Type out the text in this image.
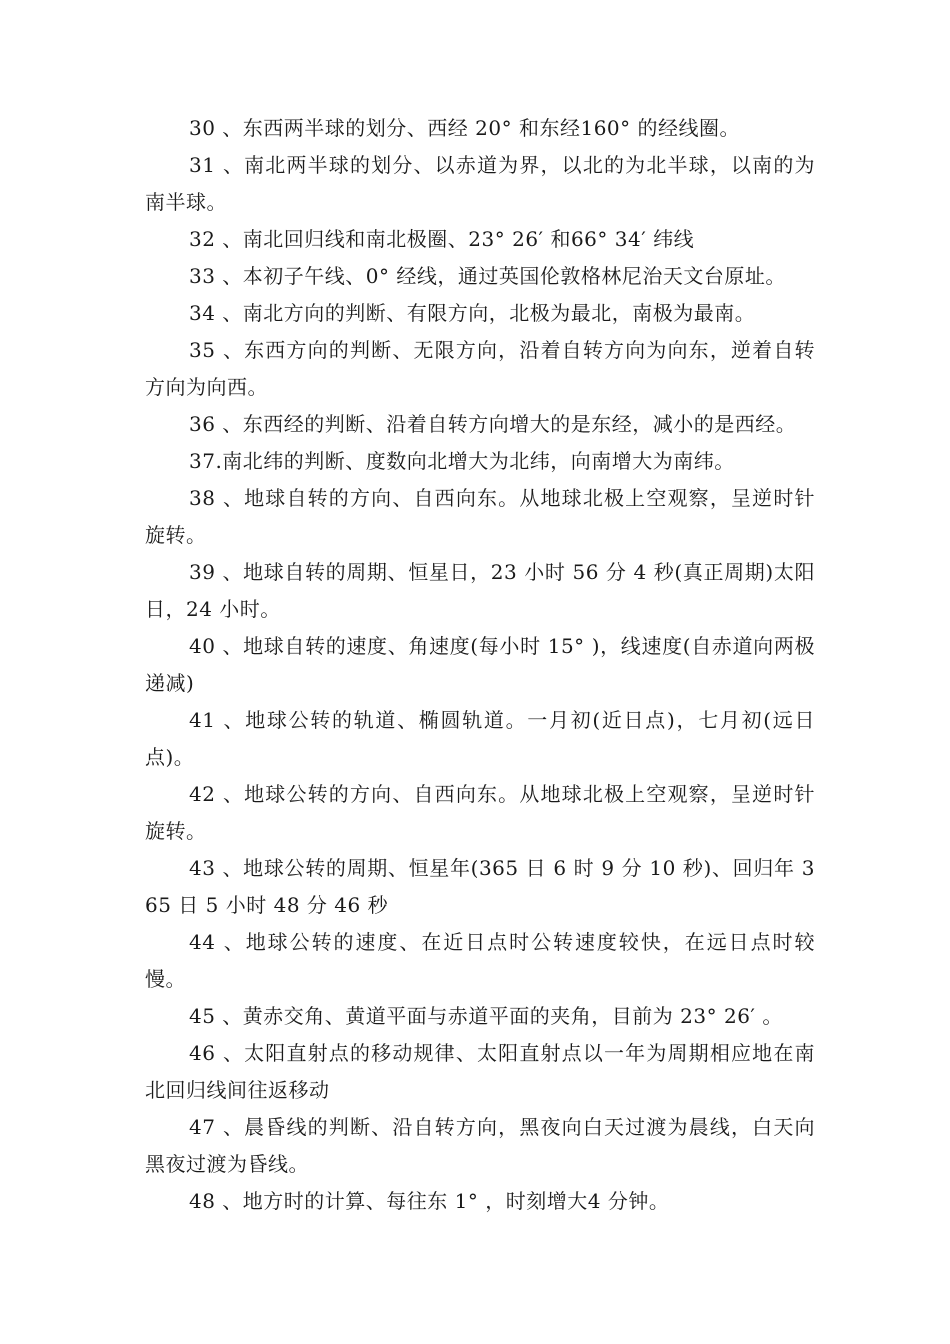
30 、东西两半球的划分、西经 20° 和东经160° 的经线圈。

31 、南北两半球的划分、以赤道为界，以北的为北半球，以南的为南半球。

32 、南北回归线和南北极圈、23° 26′ 和66° 34′ 纬线

33 、本初子午线、0° 经线，通过英国伦敦格林尼治天文台原址。

34 、南北方向的判断、有限方向，北极为最北，南极为最南。

35 、东西方向的判断、无限方向，沿着自转方向为向东，逆着自转方向为向西。

36 、东西经的判断、沿着自转方向增大的是东经，减小的是西经。

37.南北纬的判断、度数向北增大为北纬，向南增大为南纬。

38 、地球自转的方向、自西向东。从地球北极上空观察，呈逆时针旋转。

39 、地球自转的周期、恒星日，23 小时 56 分 4 秒(真正周期)太阳日，24 小时。

40 、地球自转的速度、角速度(每小时 15° )，线速度(自赤道向两极递减)

41 、地球公转的轨道、椭圆轨道。一月初(近日点)，七月初(远日点)。

42 、地球公转的方向、自西向东。从地球北极上空观察，呈逆时针旋转。

43 、地球公转的周期、恒星年(365 日 6 时 9 分 10 秒)、回归年 365 日 5 小时 48 分 46 秒

44 、地球公转的速度、在近日点时公转速度较快，在远日点时较慢。

45 、黄赤交角、黄道平面与赤道平面的夹角，目前为 23° 26′ 。

46 、太阳直射点的移动规律、太阳直射点以一年为周期相应地在南北回归线间往返移动

47 、晨昏线的判断、沿自转方向，黑夜向白天过渡为晨线，白天向黑夜过渡为昏线。

48 、地方时的计算、每往东 1° ，时刻增大4 分钟。
